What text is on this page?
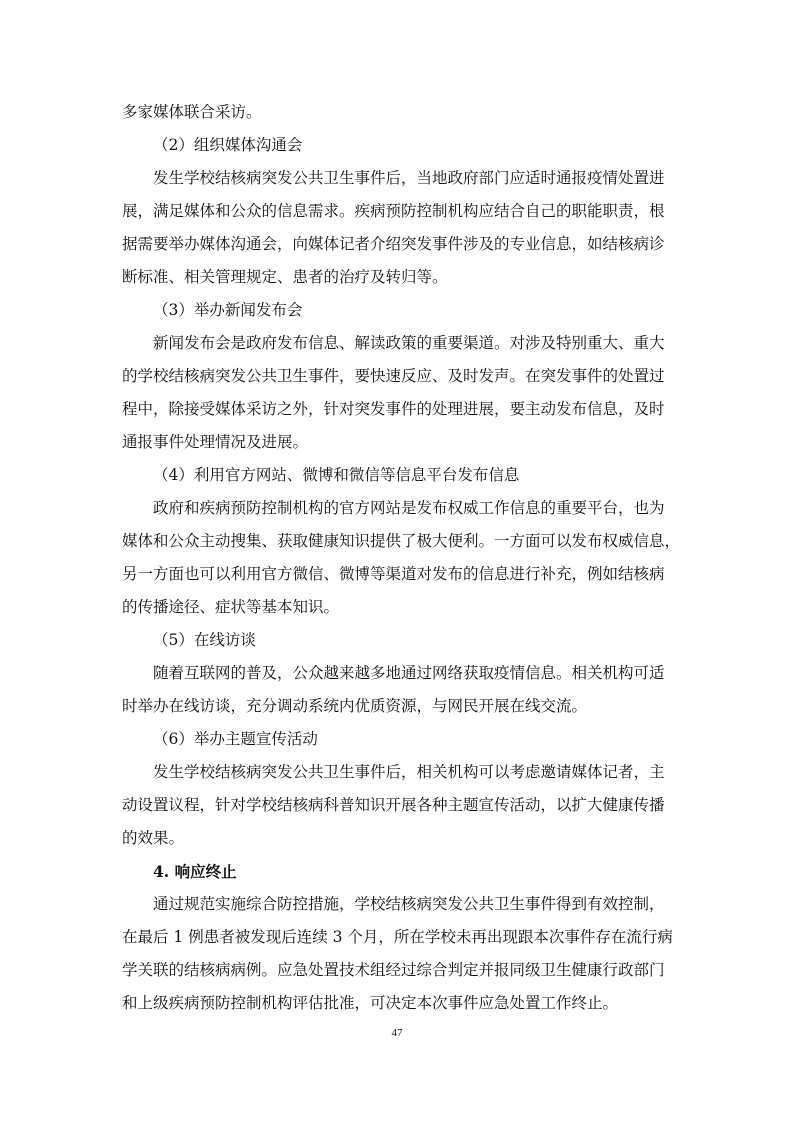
多家媒体联合采访。

（2）组织媒体沟通会

发生学校结核病突发公共卫生事件后，当地政府部门应适时通报疫情处置进

展，满足媒体和公众的信息需求。疾病预防控制机构应结合自己的职能职责，根

据需要举办媒体沟通会，向媒体记者介绍突发事件涉及的专业信息，如结核病诊

断标准、相关管理规定、患者的治疗及转归等。

（3）举办新闻发布会

新闻发布会是政府发布信息、解读政策的重要渠道。对涉及特别重大、重大

的学校结核病突发公共卫生事件，要快速反应、及时发声。在突发事件的处置过

程中，除接受媒体采访之外，针对突发事件的处理进展，要主动发布信息，及时

通报事件处理情况及进展。

（4）利用官方网站、微博和微信等信息平台发布信息

政府和疾病预防控制机构的官方网站是发布权威工作信息的重要平台，也为

媒体和公众主动搜集、获取健康知识提供了极大便利。一方面可以发布权威信息，

另一方面也可以利用官方微信、微博等渠道对发布的信息进行补充，例如结核病

的传播途径、症状等基本知识。

（5）在线访谈

随着互联网的普及，公众越来越多地通过网络获取疫情信息。相关机构可适

时举办在线访谈，充分调动系统内优质资源，与网民开展在线交流。

（6）举办主题宣传活动

发生学校结核病突发公共卫生事件后，相关机构可以考虑邀请媒体记者，主

动设置议程，针对学校结核病科普知识开展各种主题宣传活动，以扩大健康传播

的效果。

4. 响应终止

通过规范实施综合防控措施，学校结核病突发公共卫生事件得到有效控制，

在最后 1 例患者被发现后连续 3 个月，所在学校未再出现跟本次事件存在流行病

学关联的结核病病例。应急处置技术组经过综合判定并报同级卫生健康行政部门

和上级疾病预防控制机构评估批准，可决定本次事件应急处置工作终止。

47
